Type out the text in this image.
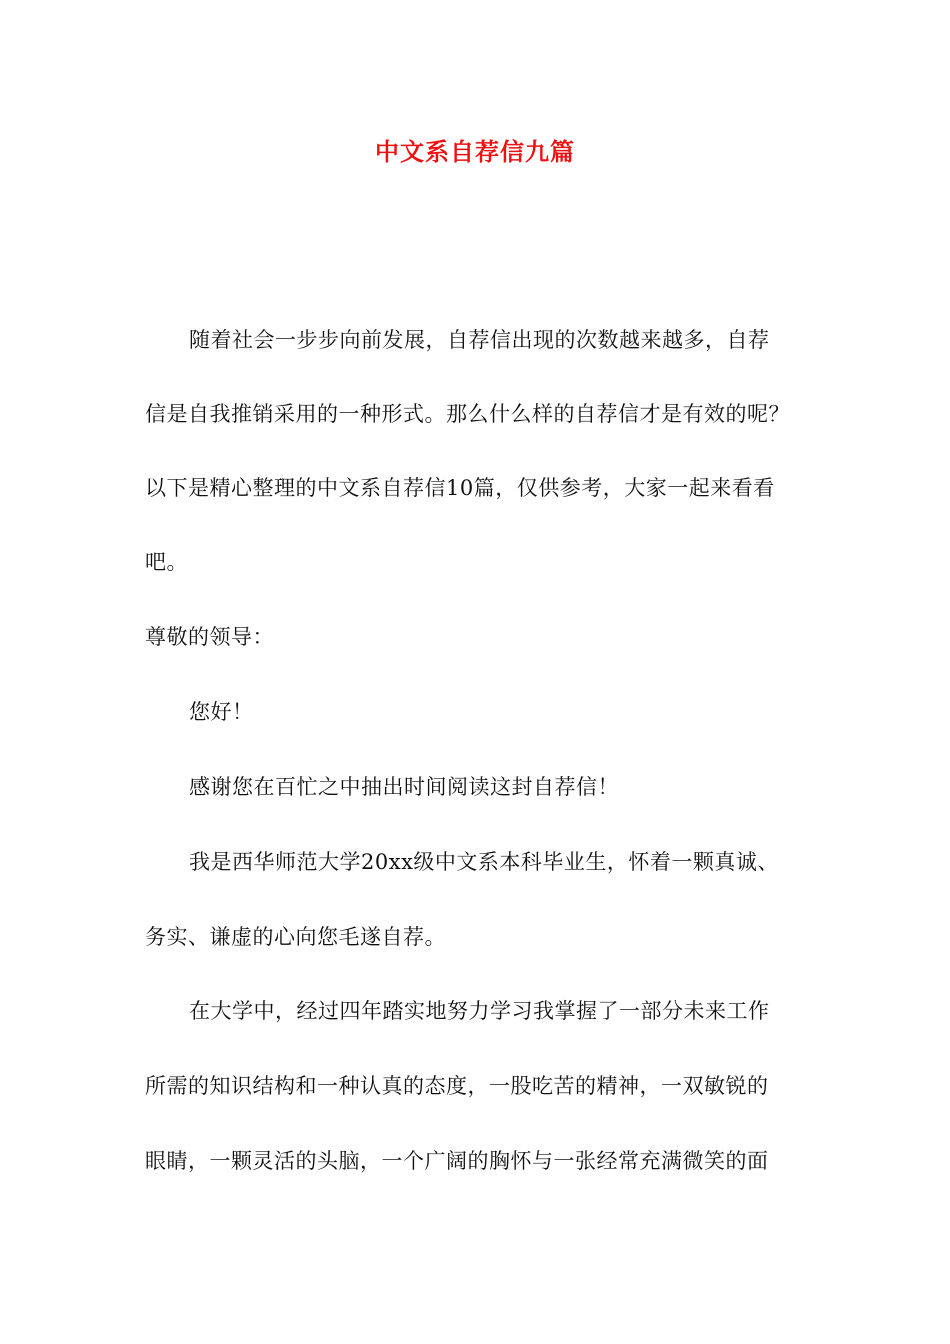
中文系自荐信九篇
随着社会一步步向前发展，自荐信出现的次数越来越多，自荐
信是自我推销采用的一种形式。那么什么样的自荐信才是有效的呢？
以下是精心整理的中文系自荐信10篇，仅供参考，大家一起来看看
吧。
尊敬的领导：
您好！
感谢您在百忙之中抽出时间阅读这封自荐信！
我是西华师范大学20xx级中文系本科毕业生，怀着一颗真诚、
务实、谦虚的心向您毛遂自荐。
在大学中，经过四年踏实地努力学习我掌握了一部分未来工作
所需的知识结构和一种认真的态度，一股吃苦的精神，一双敏锐的
眼睛，一颗灵活的头脑，一个广阔的胸怀与一张经常充满微笑的面
